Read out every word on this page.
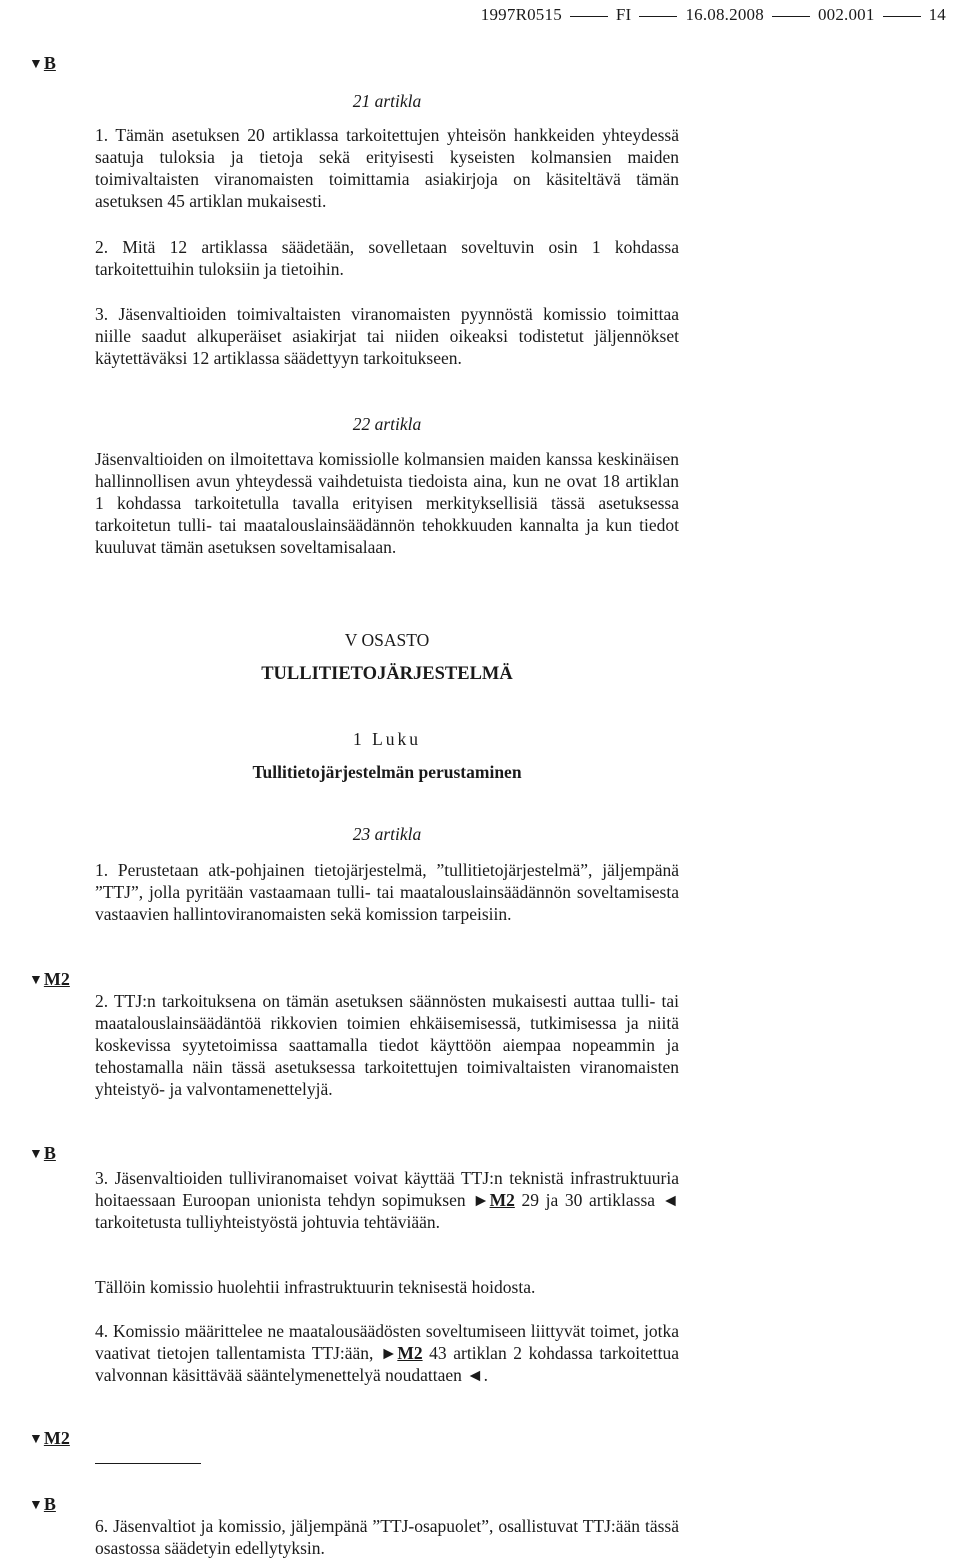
1997R0515	FI	16.08.2008	002.001	14
▼B
▼M2
▼B
▼M2
▼B
21 artikla

1. Tämän asetuksen 20 artiklassa tarkoitettujen yhteisön hankkeiden yhteydessä saatuja tuloksia ja tietoja sekä erityisesti kyseisten kolmansien maiden toimivaltaisten viranomaisten toimittamia asiakirjoja on käsiteltävä tämän asetuksen 45 artiklan mukaisesti.

2. Mitä 12 artiklassa säädetään, sovelletaan soveltuvin osin 1 kohdassa tarkoitettuihin tuloksiin ja tietoihin.

3. Jäsenvaltioiden toimivaltaisten viranomaisten pyynnöstä komissio toimittaa niille saadut alkuperäiset asiakirjat tai niiden oikeaksi todistetut jäljennökset käytettäväksi 12 artiklassa säädettyyn tarkoitukseen.

22 artikla

Jäsenvaltioiden on ilmoitettava komissiolle kolmansien maiden kanssa keskinäisen hallinnollisen avun yhteydessä vaihdetuista tiedoista aina, kun ne ovat 18 artiklan 1 kohdassa tarkoitetulla tavalla erityisen merkityksellisiä tässä asetuksessa tarkoitetun tulli- tai maatalouslainsäädännön tehokkuuden kannalta ja kun tiedot kuuluvat tämän asetuksen soveltamisalaan.

V OSASTO
TULLITIETOJÄRJESTELMÄ
1 Luku
Tullitietojärjestelmän perustaminen
23 artikla

1. Perustetaan atk-pohjainen tietojärjestelmä, ”tullitietojärjestelmä”, jäljempänä ”TTJ”, jolla pyritään vastaamaan tulli- tai maatalouslainsäädännön soveltamisesta vastaavien hallintoviranomaisten sekä komission tarpeisiin.

2. TTJ:n tarkoituksena on tämän asetuksen säännösten mukaisesti auttaa tulli- tai maatalouslainsäädäntöä rikkovien toimien ehkäisemisessä, tutkimisessa ja niitä koskevissa syytetoimissa saattamalla tiedot käyttöön aiempaa nopeammin ja tehostamalla näin tässä asetuksessa tarkoitettujen toimivaltaisten viranomaisten yhteistyö- ja valvontamenettelyjä.

3. Jäsenvaltioiden tulliviranomaiset voivat käyttää TTJ:n teknistä infrastruktuuria hoitaessaan Euroopan unionista tehdyn sopimuksen ►M2 29 ja 30 artiklassa ◄ tarkoitetusta tulliyhteistyöstä johtuvia tehtäviään.

Tällöin komissio huolehtii infrastruktuurin teknisestä hoidosta.

4. Komissio määrittelee ne maatalousäädösten soveltumiseen liittyvät toimet, jotka vaativat tietojen tallentamista TTJ:ään, ►M2 43 artiklan 2 kohdassa tarkoitettua valvonnan käsittävää sääntelymenettelyä noudattaen ◄.

6. Jäsenvaltiot ja komissio, jäljempänä ”TTJ-osapuolet”, osallistuvat TTJ:ään tässä osastossa säädetyin edellytyksin.
